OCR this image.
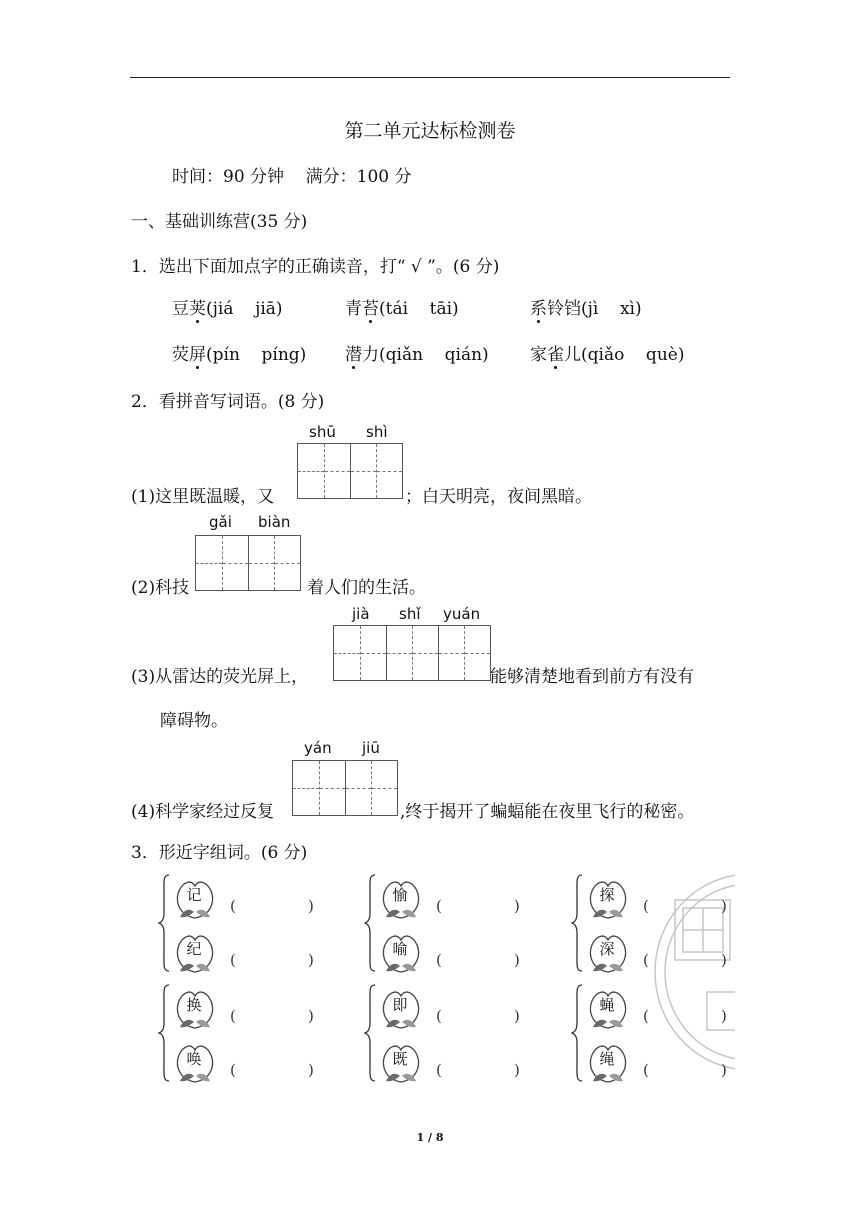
第二单元达标检测卷
时间：90 分钟    满分：100 分
一、基础训练营(35 分)
1．选出下面加点字的正确读音，打“ √ ”。(6 分)
豆荚(jiá    jiā)	青苔(tái    tāi)	系铃铛(jì    xì)
荧屏(pín    píng) 潜力(qiǎn    qián) 家雀儿(qiǎo    què)
2．看拼音写词语。(8 分)
shū shì
(1)这里既温暖，又	；白天明亮，夜间黑暗。
gǎi biàn
(2)科技	着人们的生活。
jià shǐ yuán
(3)从雷达的荧光屏上，	能够清楚地看到前方有没有
障碍物。
yán jiū
(4)科学家经过反复	,终于揭开了蝙蝠能在夜里飞行的秘密。
3．形近字组词。(6 分)
记
(	)
纪
(	)
愉
(	)
喻
(	)
探
(	)
深
(	)
换
(	)
唤
(	)
即
(	)
既
(	)
蝇
(	)
绳
(	)
1 / 8
